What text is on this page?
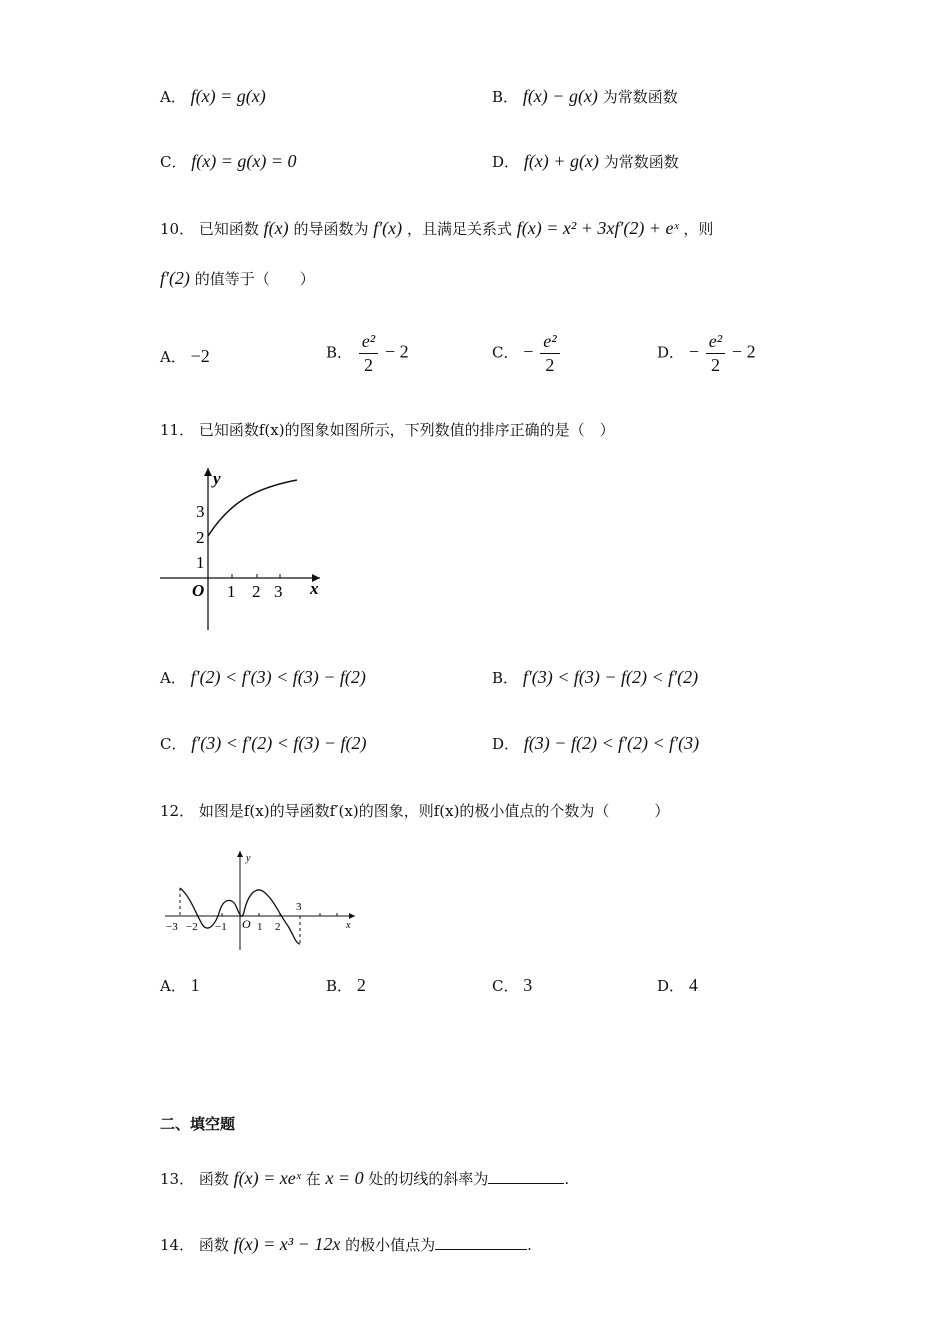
A． f(x) = g(x)	B． f(x) − g(x) 为常数函数
C． f(x) = g(x) = 0	D． f(x) + g(x) 为常数函数
10． 已知函数 f(x) 的导函数为 f′(x) ，且满足关系式 f(x) = x² + 3xf′(2) + eˣ ，则
f′(2) 的值等于（　　）
A． −2	B． $\frac{\text{e²}}{2} - 2$	C． − $\frac{\text{e²}}{2}$	D． − $\frac{\text{e²}}{2} - 2$
11． 已知函数f(x)的图象如图所示，下列数值的排序正确的是（　）
y
x
O
1
2
3
1 2 3
A． f′(2) < f′(3) < f(3) − f(2)	B． f′(3) < f(3) − f(2) < f′(2)
C． f′(3) < f′(2) < f(3) − f(2)	D． f(3) − f(2) < f′(2) < f′(3)
12． 如图是f(x)的导函数f′(x)的图象，则f(x)的极小值点的个数为（　　　）
y
x
O
−3 −2 −1	1 2
3
A． 1	B． 2	C． 3	D． 4
二、填空题
13． 函数 f(x) = xeˣ 在 x = 0 处的切线的斜率为	.
14． 函数 f(x) = x³ − 12x 的极小值点为	.
